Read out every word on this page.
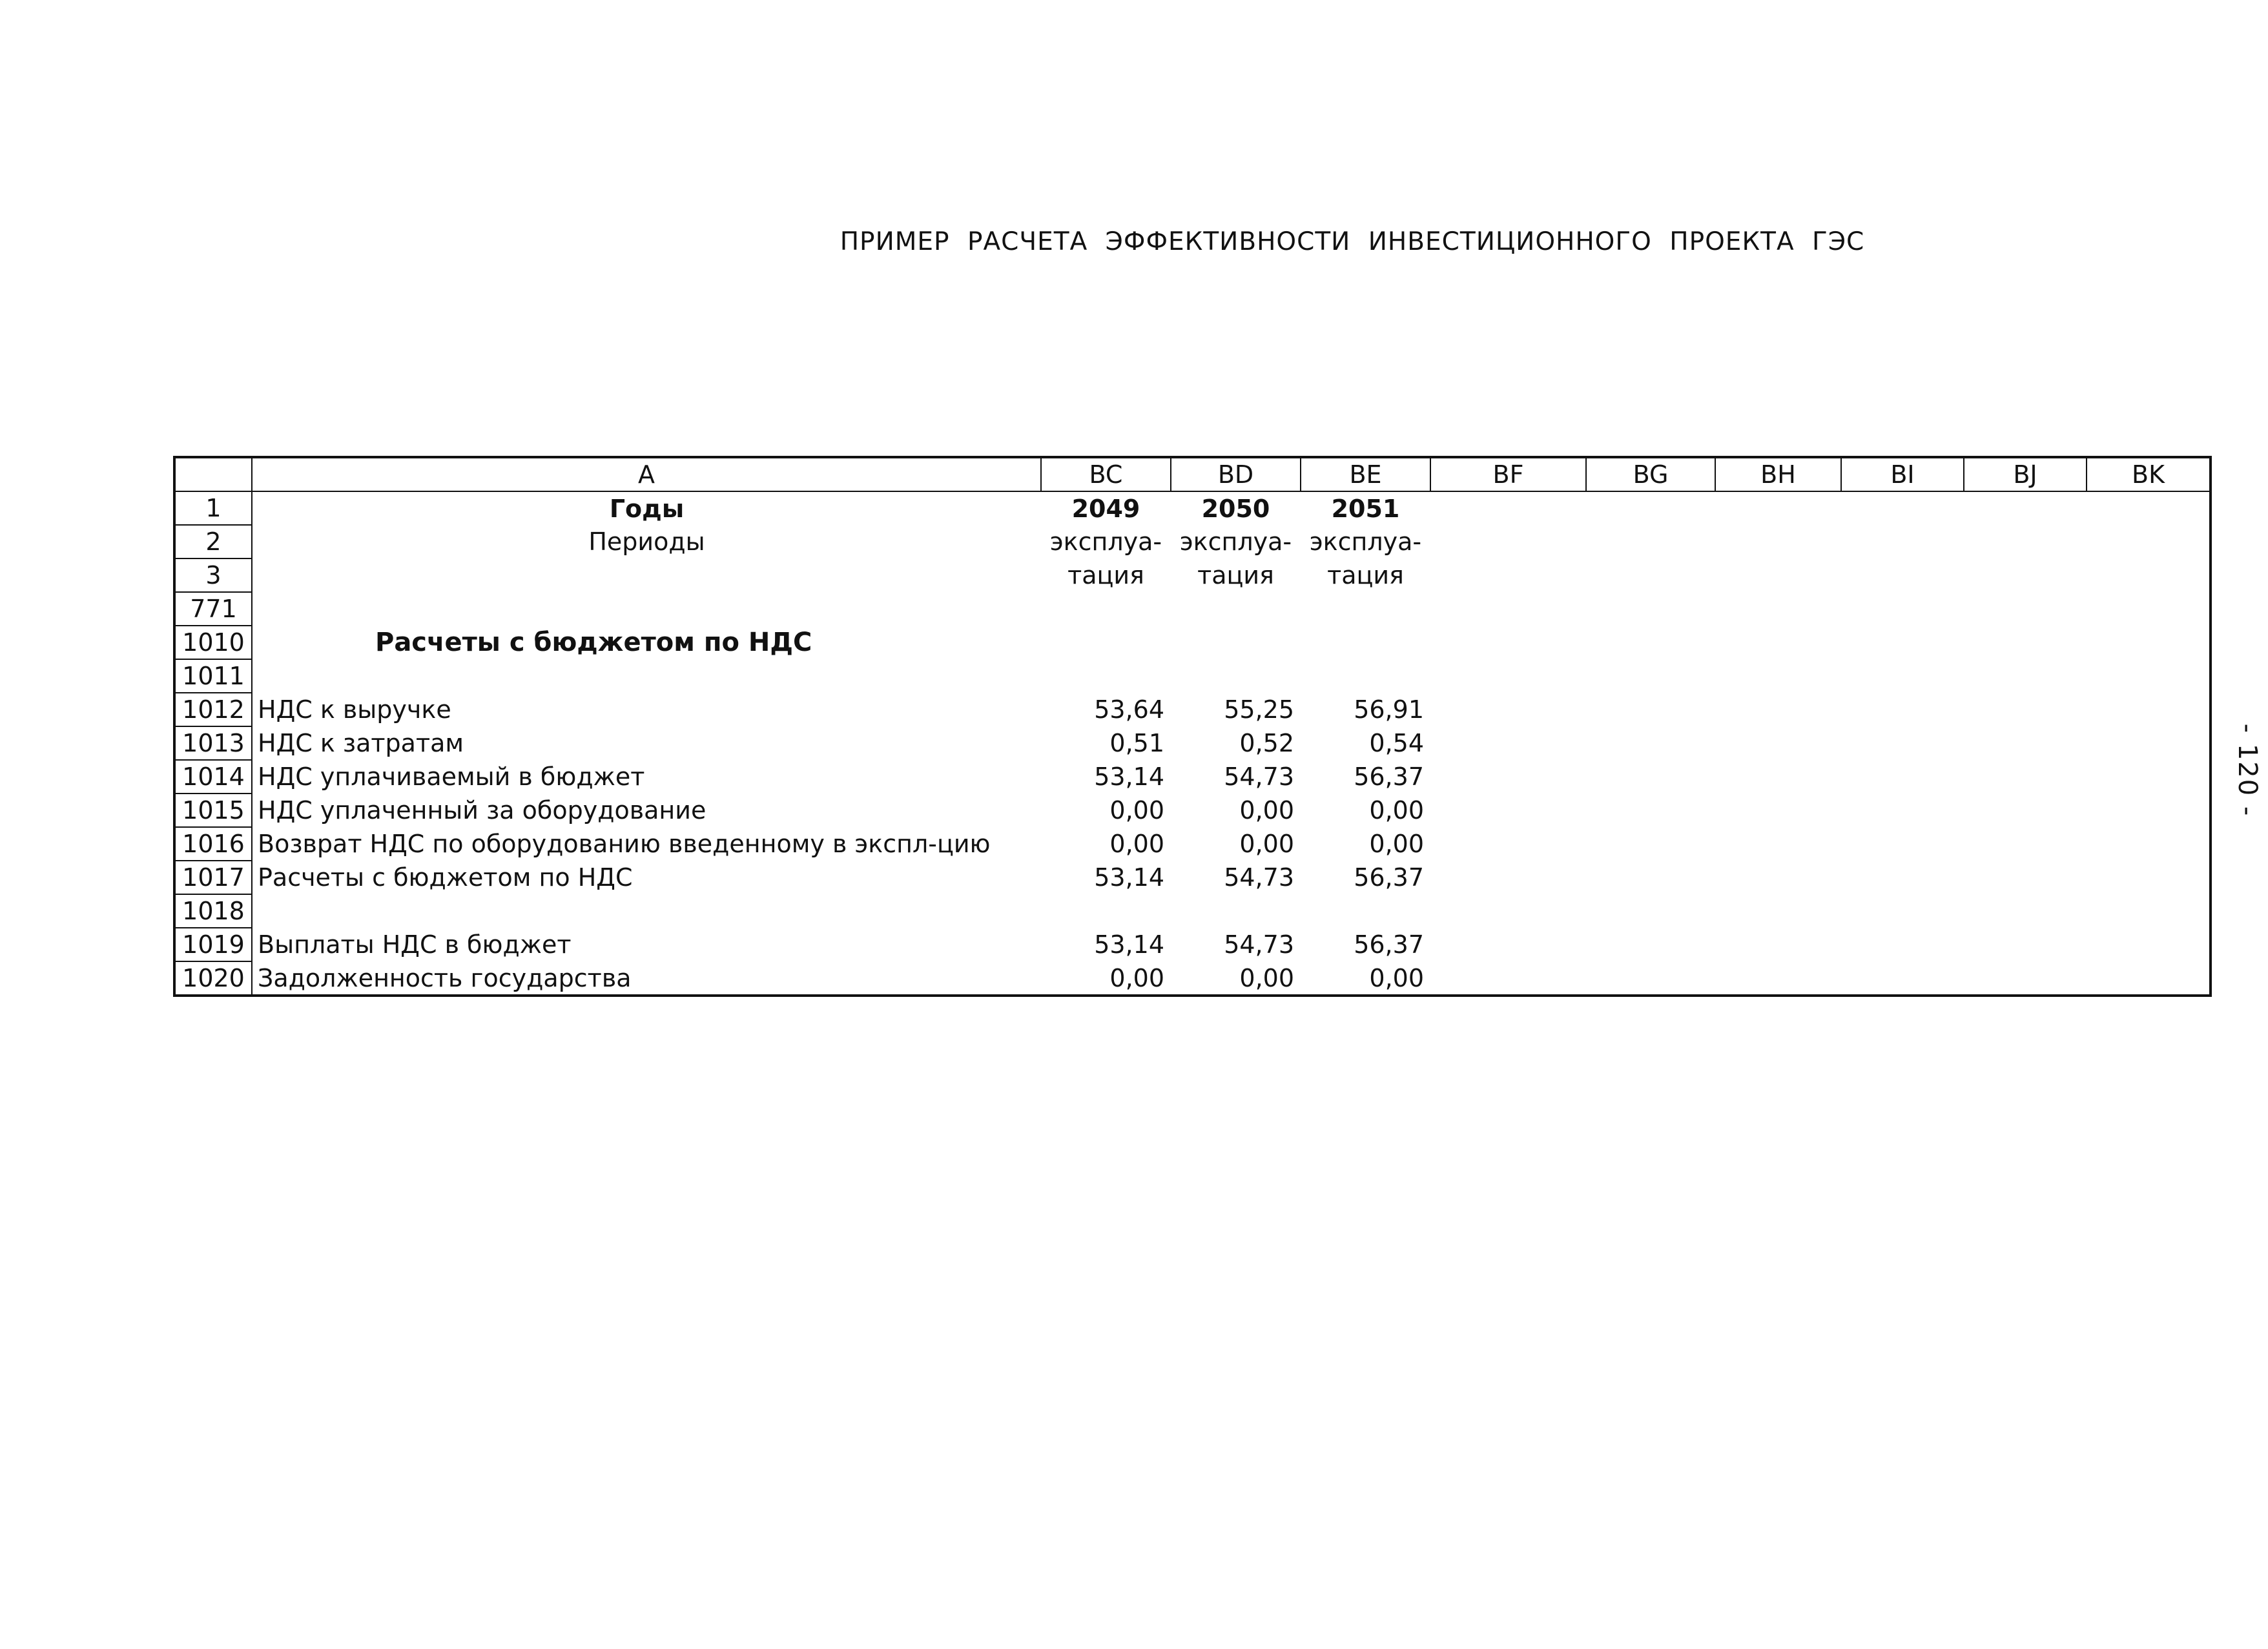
ПРИМЕР РАСЧЕТА ЭФФЕКТИВНОСТИ ИНВЕСТИЦИОННОГО ПРОЕКТА ГЭС
	A	BC	BD	BE	BF	BG	BH	BI	BJ	BK
1	Годы	2049	2050	2051						
2	Периоды	эксплуа-	эксплуа-	эксплуа-						
3		тация	тация	тация						
771										
1010	Расчеты с бюджетом по НДС									
1011										
1012	НДС к выручке	53,64	55,25	56,91						
1013	НДС к затратам	0,51	0,52	0,54						
1014	НДС уплачиваемый в бюджет	53,14	54,73	56,37						
1015	НДС уплаченный за оборудование	0,00	0,00	0,00						
1016	Возврат НДС по оборудованию введенному в экспл-цию	0,00	0,00	0,00						
1017	Расчеты с бюджетом по НДС	53,14	54,73	56,37						
1018										
1019	Выплаты НДС в бюджет	53,14	54,73	56,37						
1020	Задолженность государства	0,00	0,00	0,00						
- 120 -
